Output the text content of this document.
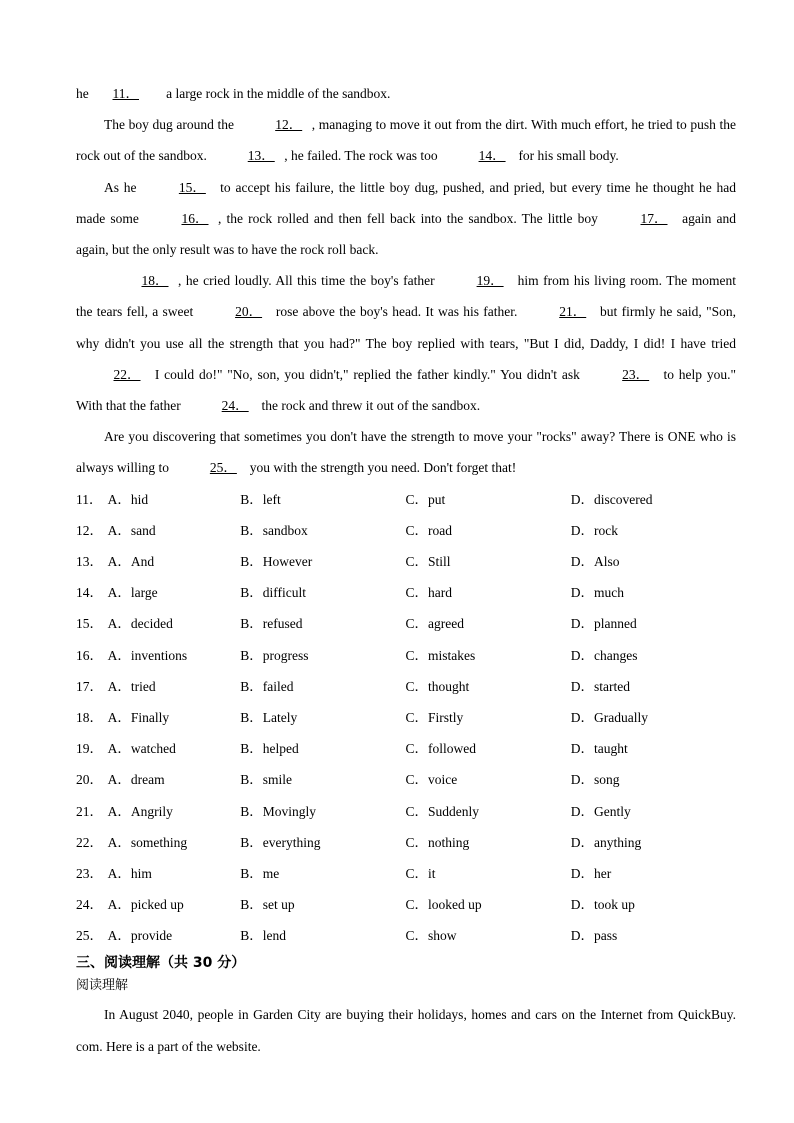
he 11． a large rock in the middle of the sandbox.

The boy dug around the	12． , managing to move it out from the dirt. With much effort, he tried to push the rock out of the sandbox.	13． , he failed. The rock was too	14． for his small body.

As he	15． to accept his failure, the little boy dug, pushed, and pried, but every time he thought he had made some	16． , the rock rolled and then fell back into the sandbox. The little boy	17． again and again, but the only result was to have the rock roll back.

18． , he cried loudly. All this time the boy's father	19． him from his living room. The moment the tears fell, a sweet	20． rose above the boy's head. It was his father.	21． but firmly he said, "Son, why didn't you use all the strength that you had?" The boy replied with tears, "But I did, Daddy, I did! I have tried 22． I could do!" "No, son, you didn't," replied the father kindly." You didn't ask	23． to help you." With that the father	24． the rock and threw it out of the sandbox.

Are you discovering that sometimes you don't have the strength to move your "rocks" away? There is ONE who is always willing to	25． you with the strength you need. Don't forget that!

11． A．hid	B．left	C．put	D．discovered
12． A．sand	B．sandbox	C．road	D．rock
13． A．And	B．However	C．Still	D．Also
14． A．large	B．difficult	C．hard	D．much
15． A．decided	B．refused	C．agreed	D．planned
16． A．inventions	B．progress	C．mistakes	D．changes
17． A．tried	B．failed	C．thought	D．started
18． A．Finally	B．Lately	C．Firstly	D．Gradually
19． A．watched	B．helped	C．followed	D．taught
20． A．dream	B．smile	C．voice	D．song
21． A．Angrily	B．Movingly	C．Suddenly	D．Gently
22． A．something	B．everything	C．nothing	D．anything
23． A．him	B．me	C．it	D．her
24． A．picked up	B．set up	C．looked up	D．took up
25． A．provide	B．lend	C．show	D．pass
三、阅读理解（共 30 分）
阅读理解

In August 2040, people in Garden City are buying their holidays, homes and cars on the Internet from QuickBuy. com. Here is a part of the website.
